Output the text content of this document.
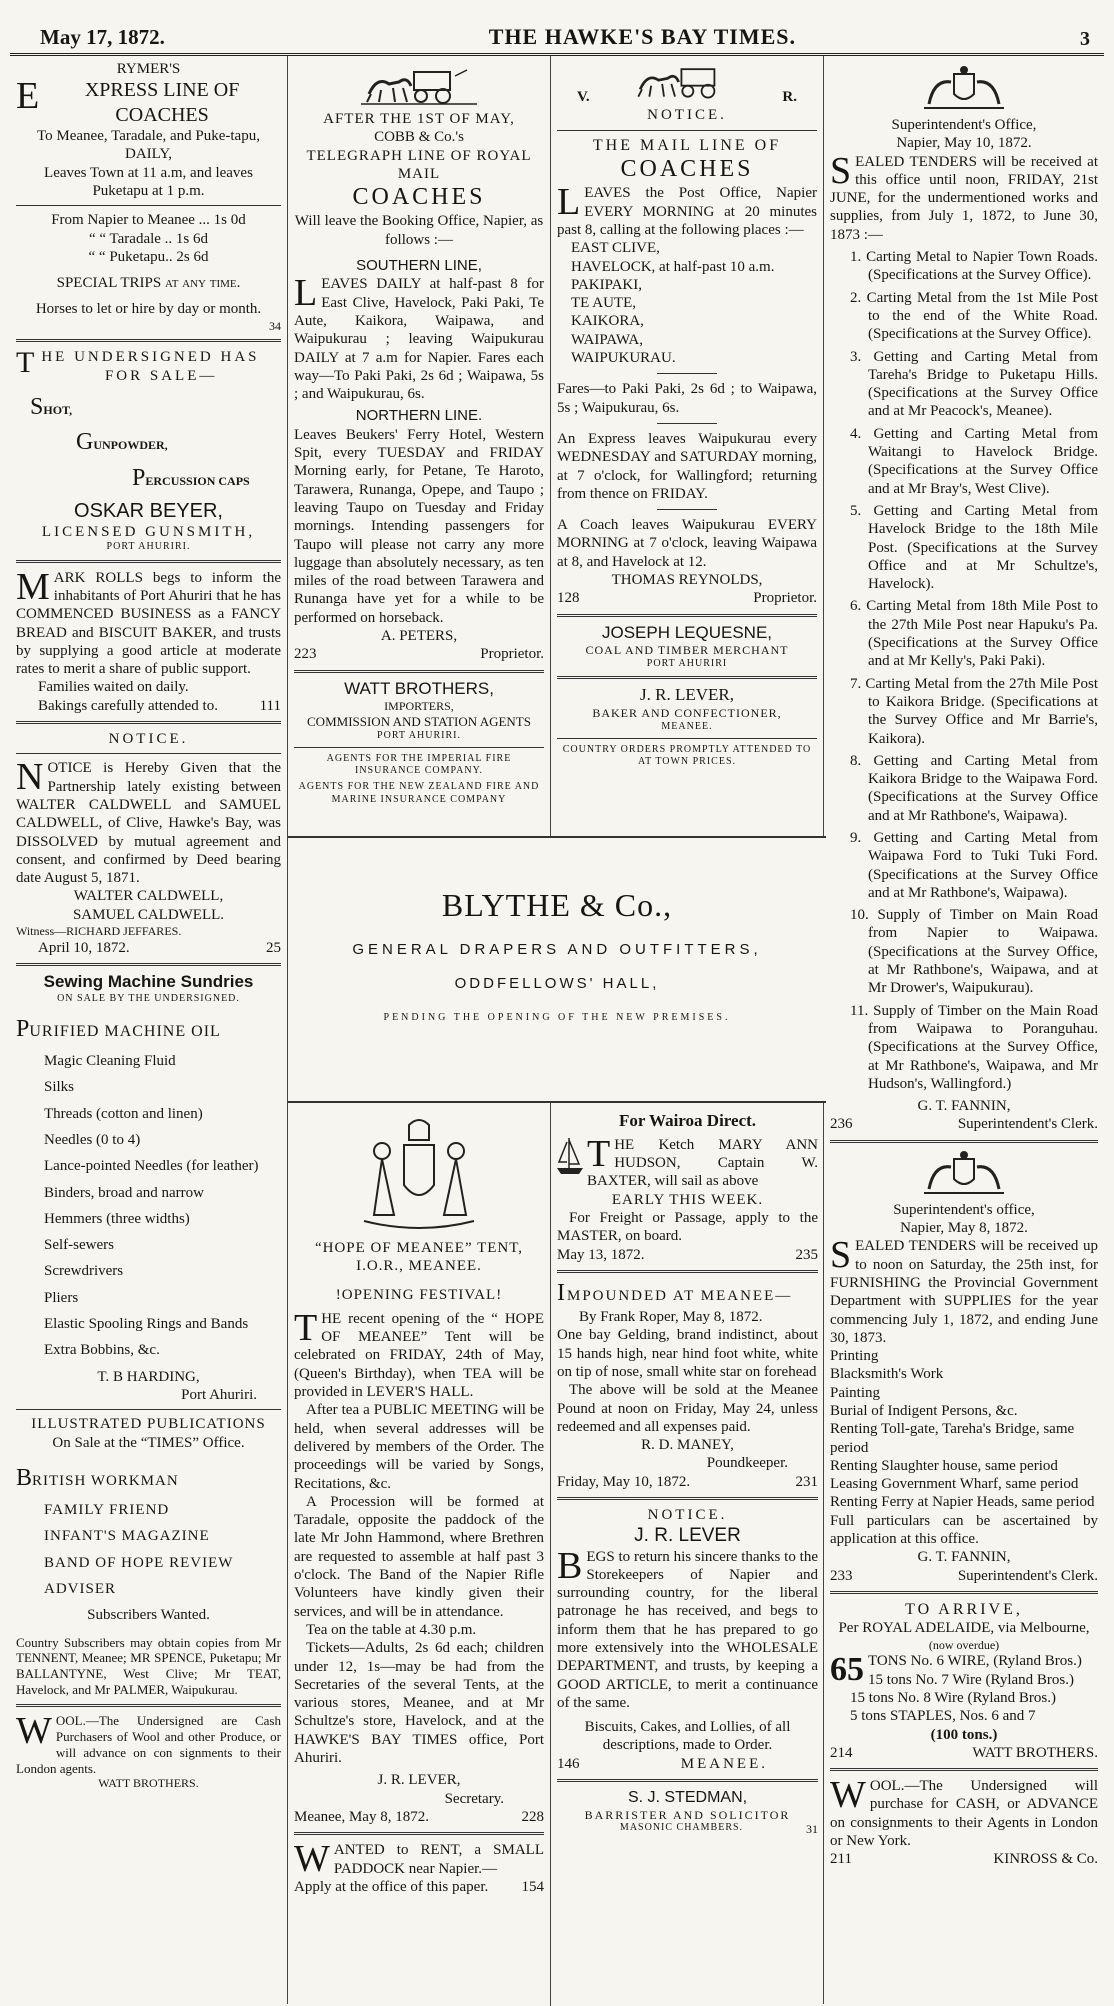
May 17, 1872.	THE HAWKE'S BAY TIMES.	3
RYMER'S
E XPRESS LINE OF COACHES
To Meanee, Taradale, and Puke-tapu, DAILY,
Leaves Town at 11 a.m, and leaves Puketapu at 1 p.m.
From Napier to Meanee ... 1s 0d
“ “ Taradale .. 1s 6d
“ “ Puketapu.. 2s 6d
SPECIAL TRIPS at any time.
Horses to let or hire by day or month.
34
THE UNDERSIGNED HAS
FOR SALE—
SHOT,
GUNPOWDER,
PERCUSSION CAPS
OSKAR BEYER,
LICENSED GUNSMITH,
PORT AHURIRI.
MARK ROLLS begs to inform the inhabitants of Port Ahuriri that he has COMMENCED BUSINESS as a FANCY BREAD and BISCUIT BAKER, and trusts by supplying a good article at moderate rates to merit a share of public support.
Families waited on daily.
Bakings carefully attended to.	111
NOTICE.
NOTICE is Hereby Given that the Partnership lately existing between WALTER CALDWELL and SAMUEL CALDWELL, of Clive, Hawke's Bay, was DISSOLVED by mutual agreement and consent, and confirmed by Deed bearing date August 5, 1871.
WALTER CALDWELL,
SAMUEL CALDWELL.
Witness—RICHARD JEFFARES.
April 10, 1872.	25
Sewing Machine Sundries
ON SALE BY THE UNDERSIGNED.
PURIFIED MACHINE OIL
Magic Cleaning Fluid
Silks
Threads (cotton and linen)
Needles (0 to 4)
Lance-pointed Needles (for leather)
Binders, broad and narrow
Hemmers (three widths)
Self-sewers
Screwdrivers
Pliers
Elastic Spooling Rings and Bands
Extra Bobbins, &c.
T. B HARDING,
Port Ahuriri.
ILLUSTRATED PUBLICATIONS
On Sale at the “TIMES” Office.
BRITISH WORKMAN
FAMILY FRIEND
INFANT'S MAGAZINE
BAND OF HOPE REVIEW
ADVISER
Subscribers Wanted.
Country Subscribers may obtain copies from Mr TENNENT, Meanee; MR SPENCE, Puketapu; Mr BALLANTYNE, West Clive; Mr TEAT, Havelock, and Mr PALMER, Waipukurau.
WOOL.—The Undersigned are Cash Purchasers of Wool and other Produce, or will advance on con signments to their London agents.
WATT BROTHERS.
AFTER THE 1ST OF MAY,
COBB & Co.'s
TELEGRAPH LINE OF ROYAL MAIL
COACHES
Will leave the Booking Office, Napier, as follows :—
SOUTHERN LINE,
LEAVES DAILY at half-past 8 for East Clive, Havelock, Paki Paki, Te Aute, Kaikora, Waipawa, and Waipukurau ; leaving Waipukurau DAILY at 7 a.m for Napier. Fares each way—To Paki Paki, 2s 6d ; Waipawa, 5s ; and Waipukurau, 6s.
NORTHERN LINE.
Leaves Beukers' Ferry Hotel, Western Spit, every TUESDAY and FRIDAY Morning early, for Petane, Te Haroto, Tarawera, Runanga, Opepe, and Taupo ; leaving Taupo on Tuesday and Friday mornings. Intending passengers for Taupo will please not carry any more luggage than absolutely necessary, as ten miles of the road between Tarawera and Runanga have yet for a while to be performed on horseback.
A. PETERS,
223	Proprietor.
WATT BROTHERS,
IMPORTERS,
COMMISSION AND STATION AGENTS
PORT AHURIRI.
AGENTS FOR THE IMPERIAL FIRE INSURANCE COMPANY.
AGENTS FOR THE NEW ZEALAND FIRE AND MARINE INSURANCE COMPANY
V.	R.
NOTICE.
THE MAIL LINE OF
COACHES
LEAVES the Post Office, Napier EVERY MORNING at 20 minutes past 8, calling at the following places :—
EAST CLIVE,
HAVELOCK, at half-past 10 a.m.
PAKIPAKI,
TE AUTE,
KAIKORA,
WAIPAWA,
WAIPUKURAU.
Fares—to Paki Paki, 2s 6d ; to Waipawa, 5s ; Waipukurau, 6s.
An Express leaves Waipukurau every WEDNESDAY and SATURDAY morning, at 7 o'clock, for Wallingford; returning from thence on FRIDAY.
A Coach leaves Waipukurau EVERY MORNING at 7 o'clock, leaving Waipawa at 8, and Havelock at 12.
THOMAS REYNOLDS,
128	Proprietor.
JOSEPH LEQUESNE,
COAL AND TIMBER MERCHANT
PORT AHURIRI
J. R. LEVER,
BAKER AND CONFECTIONER,
MEANEE.
COUNTRY ORDERS PROMPTLY ATTENDED TO AT TOWN PRICES.
Superintendent's Office,
Napier, May 10, 1872.
SEALED TENDERS will be received at this office until noon, FRIDAY, 21st JUNE, for the undermentioned works and supplies, from July 1, 1872, to June 30, 1873 :—
1. Carting Metal to Napier Town Roads. (Specifications at the Survey Office).
2. Carting Metal from the 1st Mile Post to the end of the White Road. (Specifications at the Survey Office).
3. Getting and Carting Metal from Tareha's Bridge to Puketapu Hills. (Specifications at the Survey Office and at Mr Peacock's, Meanee).
4. Getting and Carting Metal from Waitangi to Havelock Bridge. (Specifications at the Survey Office and at Mr Bray's, West Clive).
5. Getting and Carting Metal from Havelock Bridge to the 18th Mile Post. (Specifications at the Survey Office and at Mr Schultze's, Havelock).
6. Carting Metal from 18th Mile Post to the 27th Mile Post near Hapuku's Pa. (Specifications at the Survey Office and at Mr Kelly's, Paki Paki).
7. Carting Metal from the 27th Mile Post to Kaikora Bridge. (Specifications at the Survey Office and Mr Barrie's, Kaikora).
8. Getting and Carting Metal from Kaikora Bridge to the Waipawa Ford. (Specifications at the Survey Office and at Mr Rathbone's, Waipawa).
9. Getting and Carting Metal from Waipawa Ford to Tuki Tuki Ford. (Specifications at the Survey Office and at Mr Rathbone's, Waipawa).
10. Supply of Timber on Main Road from Napier to Waipawa. (Specifications at the Survey Office, at Mr Rathbone's, Waipawa, and at Mr Drower's, Waipukurau).
11. Supply of Timber on the Main Road from Waipawa to Poranguhau. (Specifications at the Survey Office, at Mr Rathbone's, Waipawa, and Mr Hudson's, Wallingford.)
G. T. FANNIN,
236	Superintendent's Clerk.
Superintendent's office,
Napier, May 8, 1872.
SEALED TENDERS will be received up to noon on Saturday, the 25th inst, for FURNISHING the Provincial Government Department with SUPPLIES for the year commencing July 1, 1872, and ending June 30, 1873.
Printing
Blacksmith's Work
Painting
Burial of Indigent Persons, &c.
Renting Toll-gate, Tareha's Bridge, same period
Renting Slaughter house, same period
Leasing Government Wharf, same period
Renting Ferry at Napier Heads, same period
Full particulars can be ascertained by application at this office.
G. T. FANNIN,
233	Superintendent's Clerk.
TO ARRIVE,
Per ROYAL ADELAIDE, via Melbourne,
(now overdue)
65 TONS No. 6 WIRE, (Ryland Bros.)
15 tons No. 7 Wire (Ryland Bros.)
15 tons No. 8 Wire (Ryland Bros.)
5 tons STAPLES, Nos. 6 and 7
(100 tons.)
214	WATT BROTHERS.
WOOL.—The Undersigned will purchase for CASH, or ADVANCE on consignments to their Agents in London or New York.
211	KINROSS & Co.
BLYTHE & Co.,
GENERAL DRAPERS AND OUTFITTERS,
ODDFELLOWS' HALL,
PENDING THE OPENING OF THE NEW PREMISES.
“HOPE OF MEANEE” TENT,
I.O.R., MEANEE.
!OPENING FESTIVAL!
THE recent opening of the “ HOPE OF MEANEE” Tent will be celebrated on FRIDAY, 24th of May, (Queen's Birthday), when TEA will be provided in LEVER'S HALL.
After tea a PUBLIC MEETING will be held, when several addresses will be delivered by members of the Order. The proceedings will be varied by Songs, Recitations, &c.
A Procession will be formed at Taradale, opposite the paddock of the late Mr John Hammond, where Brethren are requested to assemble at half past 3 o'clock. The Band of the Napier Rifle Volunteers have kindly given their services, and will be in attendance.
Tea on the table at 4.30 p.m.
Tickets—Adults, 2s 6d each; children under 12, 1s—may be had from the Secretaries of the several Tents, at the various stores, Meanee, and at Mr Schultze's store, Havelock, and at the HAWKE'S BAY TIMES office, Port Ahuriri.
J. R. LEVER,
Secretary.
Meanee, May 8, 1872.	228
WANTED to RENT, a SMALL PADDOCK near Napier.—
Apply at the office of this paper. 154
For Wairoa Direct.
THE Ketch MARY ANN HUDSON, Captain W. BAXTER, will sail as above
EARLY THIS WEEK.
For Freight or Passage, apply to the MASTER, on board.
May 13, 1872.	235
IMPOUNDED AT MEANEE—
By Frank Roper, May 8, 1872.
One bay Gelding, brand indistinct, about 15 hands high, near hind foot white, white on tip of nose, small white star on forehead
The above will be sold at the Meanee Pound at noon on Friday, May 24, unless redeemed and all expenses paid.
R. D. MANEY,
Poundkeeper.
Friday, May 10, 1872.	231
NOTICE.
J. R. LEVER
BEGS to return his sincere thanks to the Storekeepers of Napier and surrounding country, for the liberal patronage he has received, and begs to inform them that he has prepared to go more extensively into the WHOLESALE DEPARTMENT, and trusts, by keeping a GOOD ARTICLE, to merit a continuance of the same.
Biscuits, Cakes, and Lollies, of all descriptions, made to Order.
146	MEANEE.
S. J. STEDMAN,
BARRISTER AND SOLICITOR
MASONIC CHAMBERS.	31
